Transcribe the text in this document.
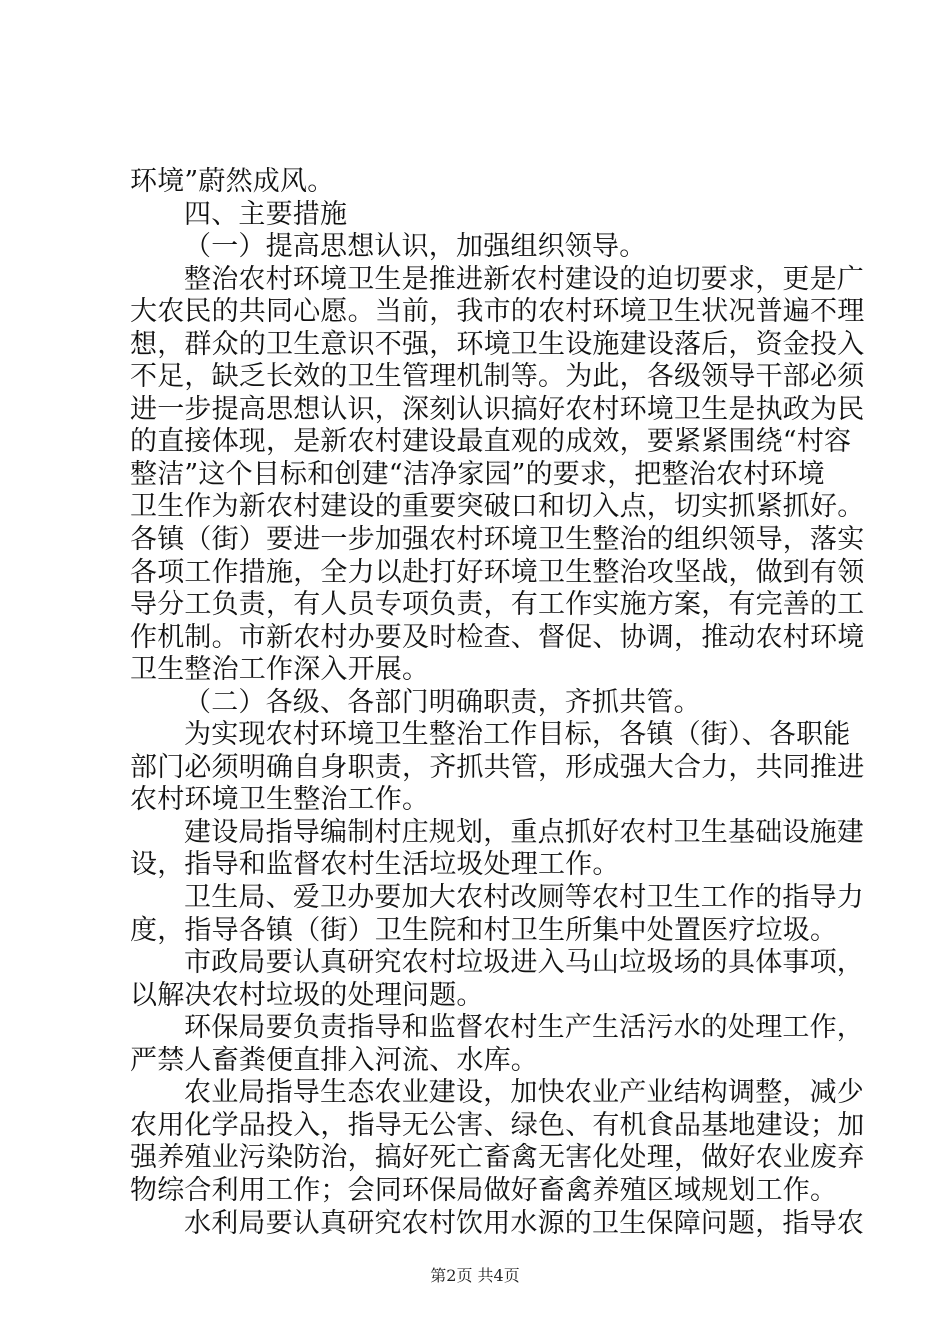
环境”蔚然成风。
四、主要措施
（一）提高思想认识，加强组织领导。
整治农村环境卫生是推进新农村建设的迫切要求，更是广
大农民的共同心愿。当前，我市的农村环境卫生状况普遍不理
想，群众的卫生意识不强，环境卫生设施建设落后，资金投入
不足，缺乏长效的卫生管理机制等。为此，各级领导干部必须
进一步提高思想认识，深刻认识搞好农村环境卫生是执政为民
的直接体现，是新农村建设最直观的成效，要紧紧围绕“村容
整洁”这个目标和创建“洁净家园”的要求，把整治农村环境
卫生作为新农村建设的重要突破口和切入点，切实抓紧抓好。
各镇（街）要进一步加强农村环境卫生整治的组织领导，落实
各项工作措施，全力以赴打好环境卫生整治攻坚战，做到有领
导分工负责，有人员专项负责，有工作实施方案，有完善的工
作机制。市新农村办要及时检查、督促、协调，推动农村环境
卫生整治工作深入开展。
（二）各级、各部门明确职责，齐抓共管。
为实现农村环境卫生整治工作目标，各镇（街）、各职能
部门必须明确自身职责，齐抓共管，形成强大合力，共同推进
农村环境卫生整治工作。
建设局指导编制村庄规划，重点抓好农村卫生基础设施建
设，指导和监督农村生活垃圾处理工作。
卫生局、爱卫办要加大农村改厕等农村卫生工作的指导力
度，指导各镇（街）卫生院和村卫生所集中处置医疗垃圾。
市政局要认真研究农村垃圾进入马山垃圾场的具体事项，
以解决农村垃圾的处理问题。
环保局要负责指导和监督农村生产生活污水的处理工作，
严禁人畜粪便直排入河流、水库。
农业局指导生态农业建设，加快农业产业结构调整，减少
农用化学品投入，指导无公害、绿色、有机食品基地建设；加
强养殖业污染防治，搞好死亡畜禽无害化处理，做好农业废弃
物综合利用工作；会同环保局做好畜禽养殖区域规划工作。
水利局要认真研究农村饮用水源的卫生保障问题，指导农
第2页 共4页
